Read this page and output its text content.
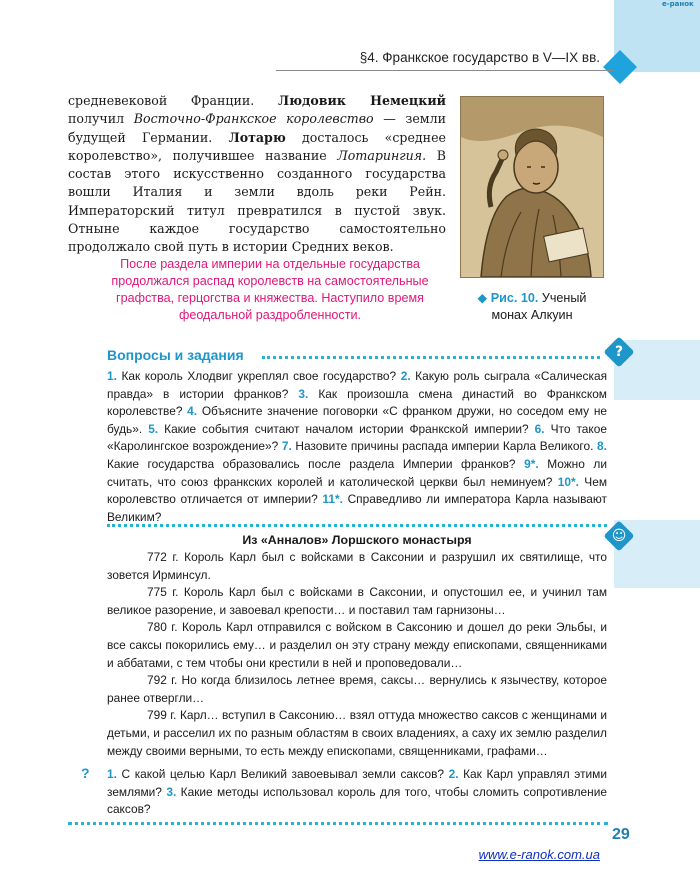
e-ранок
§4. Франкское государство в V—IX вв.
?
☺
средневековой Франции. Людовик Немецкий получил Восточно-Франкское королевство — земли будущей Германии. Лотарю досталось «среднее королевство», получившее название Лотарингия. В состав этого искусственно созданного государства вошли Италия и земли вдоль реки Рейн. Императорский титул превратился в пустой звук. Отныне каждое государство самостоятельно продолжало свой путь в истории Средних веков.
◆ Рис. 10. Ученый монах Алкуин
После раздела империи на отдельные государства продолжался распад королевств на самостоятельные графства, герцогства и княжества. Наступило время феодальной раздробленности.
Вопросы и задания
1. Как король Хлодвиг укреплял свое государство? 2. Какую роль сыграла «Салическая правда» в истории франков? 3. Как произошла смена династий во Франкском королевстве? 4. Объясните значение поговорки «С франком дружи, но соседом ему не будь». 5. Какие события считают началом истории Франкской империи? 6. Что такое «Каролингское возрождение»? 7. Назовите причины распада империи Карла Великого. 8. Какие государства образовались после раздела Империи франков? 9*. Можно ли считать, что союз франкских королей и католической церкви был неминуем? 10*. Чем королевство отличается от империи? 11*. Справедливо ли императора Карла называют Великим?
Из «Анналов» Лоршского монастыря

772 г. Король Карл был с войсками в Саксонии и разрушил их святилище, что зовется Ирминсул.

775 г. Король Карл был с войсками в Саксонии, и опустошил ее, и учинил там великое разорение, и завоевал крепости… и поставил там гарнизоны…

780 г. Король Карл отправился с войском в Саксонию и дошел до реки Эльбы, и все саксы покорились ему… и разделил он эту страну между епископами, священниками и аббатами, с тем чтобы они крестили в ней и проповедовали…

792 г. Но когда близилось летнее время, саксы… вернулись к язычеству, которое ранее отвергли…

799 г. Карл… вступил в Саксонию… взял оттуда множество саксов с женщинами и детьми, и расселил их по разным областям в своих владениях, а саху их землю разделил между своими верными, то есть между епископами, священниками, графами…

? 1. С какой целью Карл Великий завоевывал земли саксов? 2. Как Карл управлял этими землями? 3. Какие методы использовал король для того, чтобы сломить сопротивление саксов?
29
www.e-ranok.com.ua
